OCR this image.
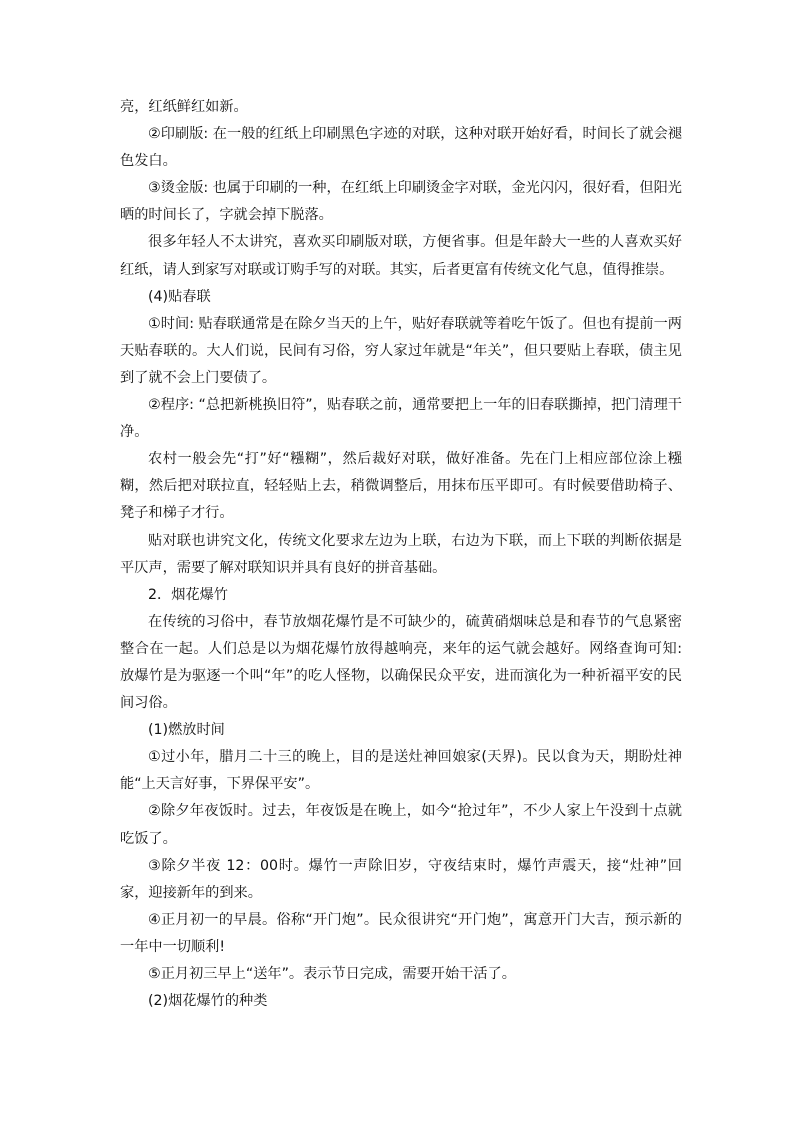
亮，红纸鲜红如新。

②印刷版: 在一般的红纸上印刷黑色字迹的对联，这种对联开始好看，时间长了就会褪色发白。

③烫金版: 也属于印刷的一种，在红纸上印刷烫金字对联，金光闪闪，很好看，但阳光晒的时间长了，字就会掉下脱落。

很多年轻人不太讲究，喜欢买印刷版对联，方便省事。但是年龄大一些的人喜欢买好红纸，请人到家写对联或订购手写的对联。其实，后者更富有传统文化气息，值得推崇。

(4)贴春联

①时间: 贴春联通常是在除夕当天的上午，贴好春联就等着吃午饭了。但也有提前一两天贴春联的。大人们说，民间有习俗，穷人家过年就是“年关”，但只要贴上春联，债主见到了就不会上门要债了。

②程序: “总把新桃换旧符”，贴春联之前，通常要把上一年的旧春联撕掉，把门清理干净。

农村一般会先“打”好“糨糊”，然后裁好对联，做好准备。先在门上相应部位涂上糨糊，然后把对联拉直，轻轻贴上去，稍微调整后，用抹布压平即可。有时候要借助椅子、凳子和梯子才行。

贴对联也讲究文化，传统文化要求左边为上联，右边为下联，而上下联的判断依据是平仄声，需要了解对联知识并具有良好的拼音基础。

2．烟花爆竹

在传统的习俗中，春节放烟花爆竹是不可缺少的，硫黄硝烟味总是和春节的气息紧密整合在一起。人们总是以为烟花爆竹放得越响亮，来年的运气就会越好。网络查询可知: 放爆竹是为驱逐一个叫“年”的吃人怪物，以确保民众平安，进而演化为一种祈福平安的民间习俗。

(1)燃放时间

①过小年，腊月二十三的晚上，目的是送灶神回娘家(天界)。民以食为天，期盼灶神能“上天言好事，下界保平安”。

②除夕年夜饭时。过去，年夜饭是在晚上，如今“抢过年”，不少人家上午没到十点就吃饭了。

③除夕半夜 12：00时。爆竹一声除旧岁，守夜结束时，爆竹声震天，接“灶神”回家，迎接新年的到来。

④正月初一的早晨。俗称“开门炮”。民众很讲究“开门炮”，寓意开门大吉，预示新的一年中一切顺利!

⑤正月初三早上“送年”。表示节日完成，需要开始干活了。

(2)烟花爆竹的种类
